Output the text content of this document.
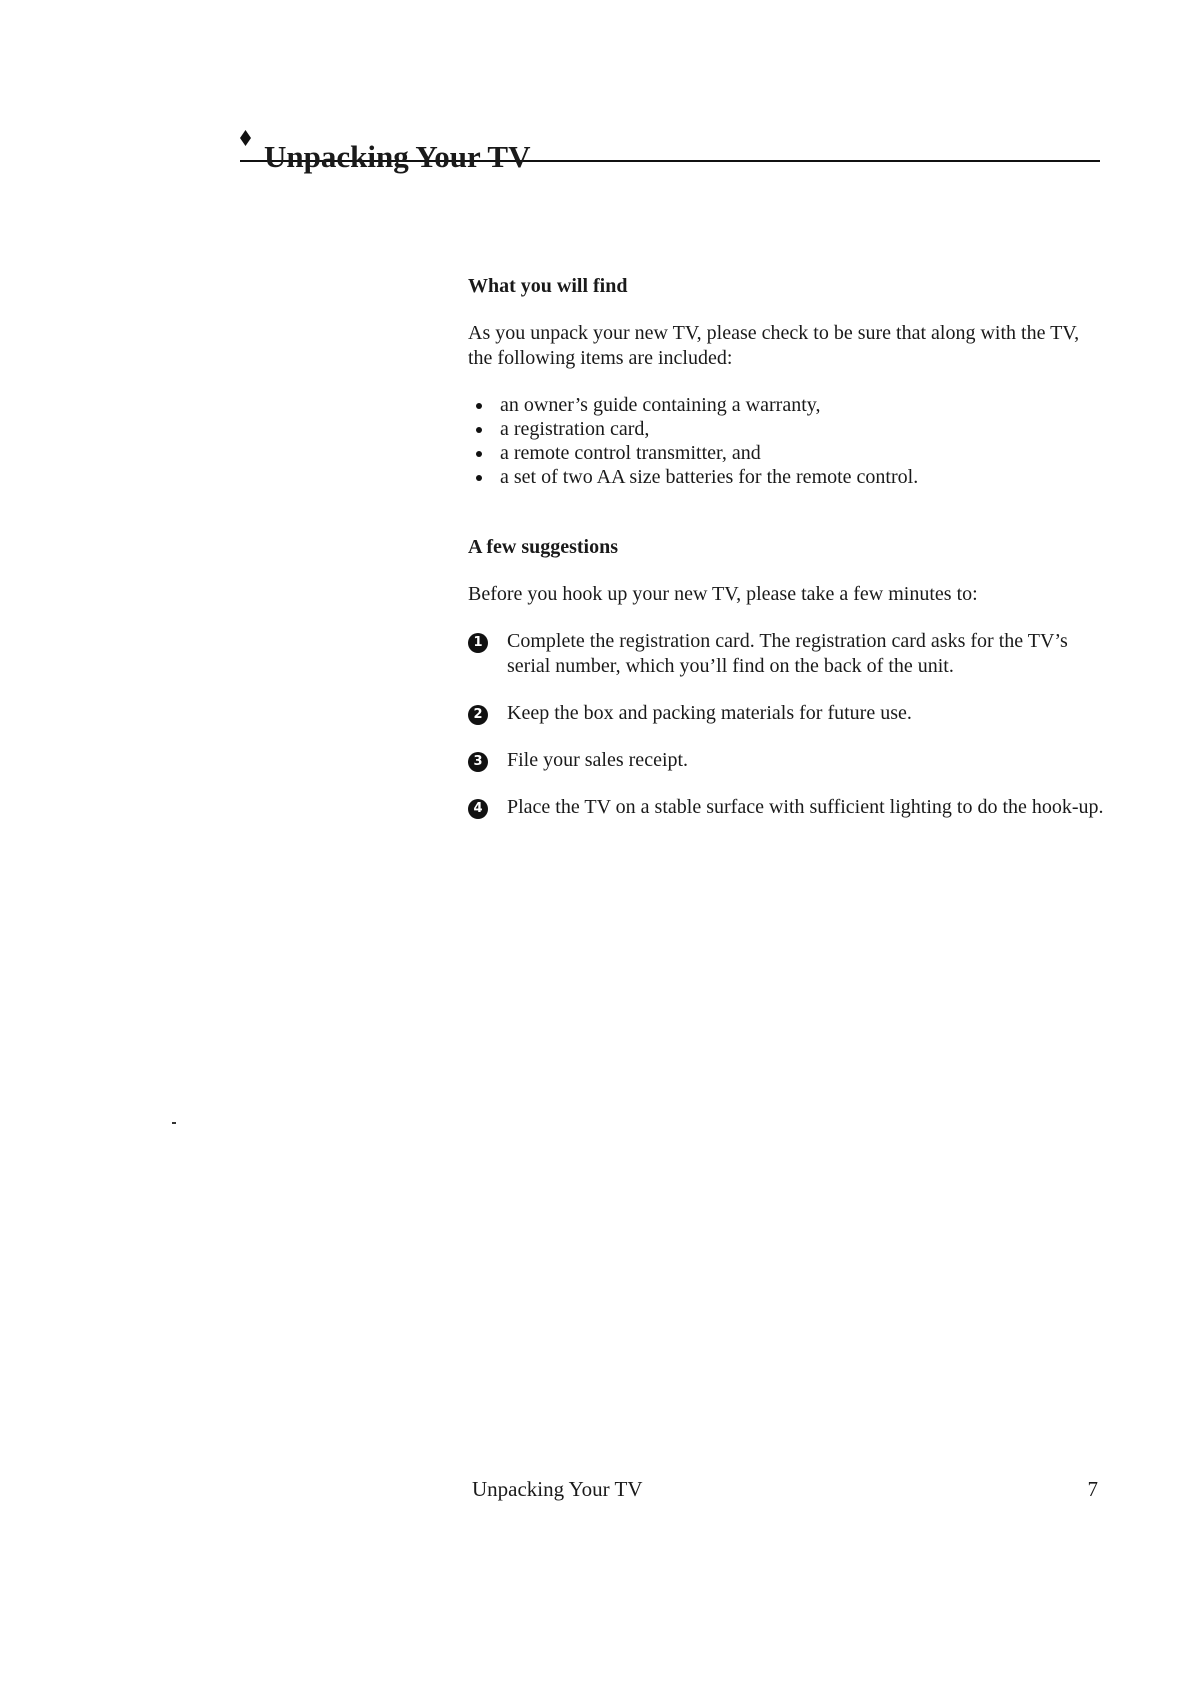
Unpacking Your TV
What you will find

As you unpack your new TV, please check to be sure that along with the TV, the following items are included:

an owner’s guide containing a warranty,
a registration card,
a remote control transmitter, and
a set of two AA size batteries for the remote control.
A few suggestions

Before you hook up your new TV, please take a few minutes to:

1 Complete the registration card. The registration card asks for the TV’s serial number, which you’ll find on the back of the unit.
2 Keep the box and packing materials for future use.
3 File your sales receipt.
4 Place the TV on a stable surface with sufficient lighting to do the hook-up.
Unpacking Your TV	7
